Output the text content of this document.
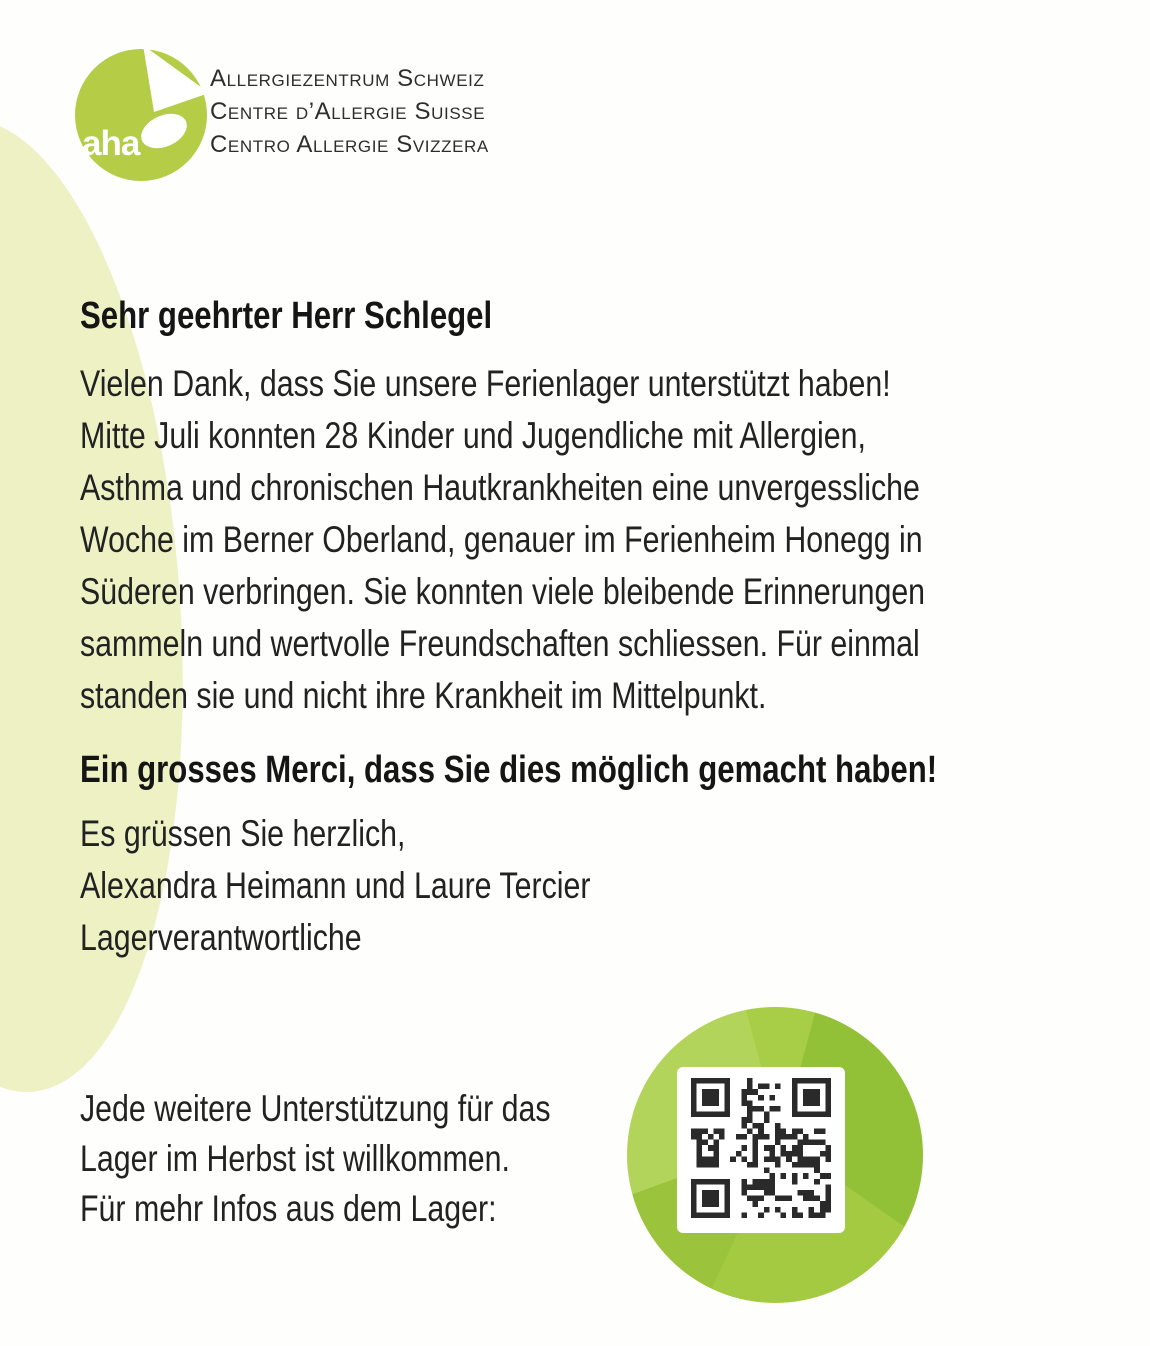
aha
Allergiezentrum Schweiz
Centre d’Allergie Suisse
Centro Allergie Svizzera
Sehr geehrter Herr Schlegel
Vielen Dank, dass Sie unsere Ferienlager unterstützt haben!
Mitte Juli konnten 28 Kinder und Jugendliche mit Allergien,
Asthma und chronischen Hautkrankheiten eine unvergessliche
Woche im Berner Oberland, genauer im Ferienheim Honegg in
Süderen verbringen. Sie konnten viele bleibende Erinnerungen
sammeln und wertvolle Freundschaften schliessen. Für einmal
standen sie und nicht ihre Krankheit im Mittelpunkt.
Ein grosses Merci, dass Sie dies möglich gemacht haben!
Es grüssen Sie herzlich,
Alexandra Heimann und Laure Tercier
Lagerverantwortliche
Jede weitere Unterstützung für das
Lager im Herbst ist willkommen.
Für mehr Infos aus dem Lager:
